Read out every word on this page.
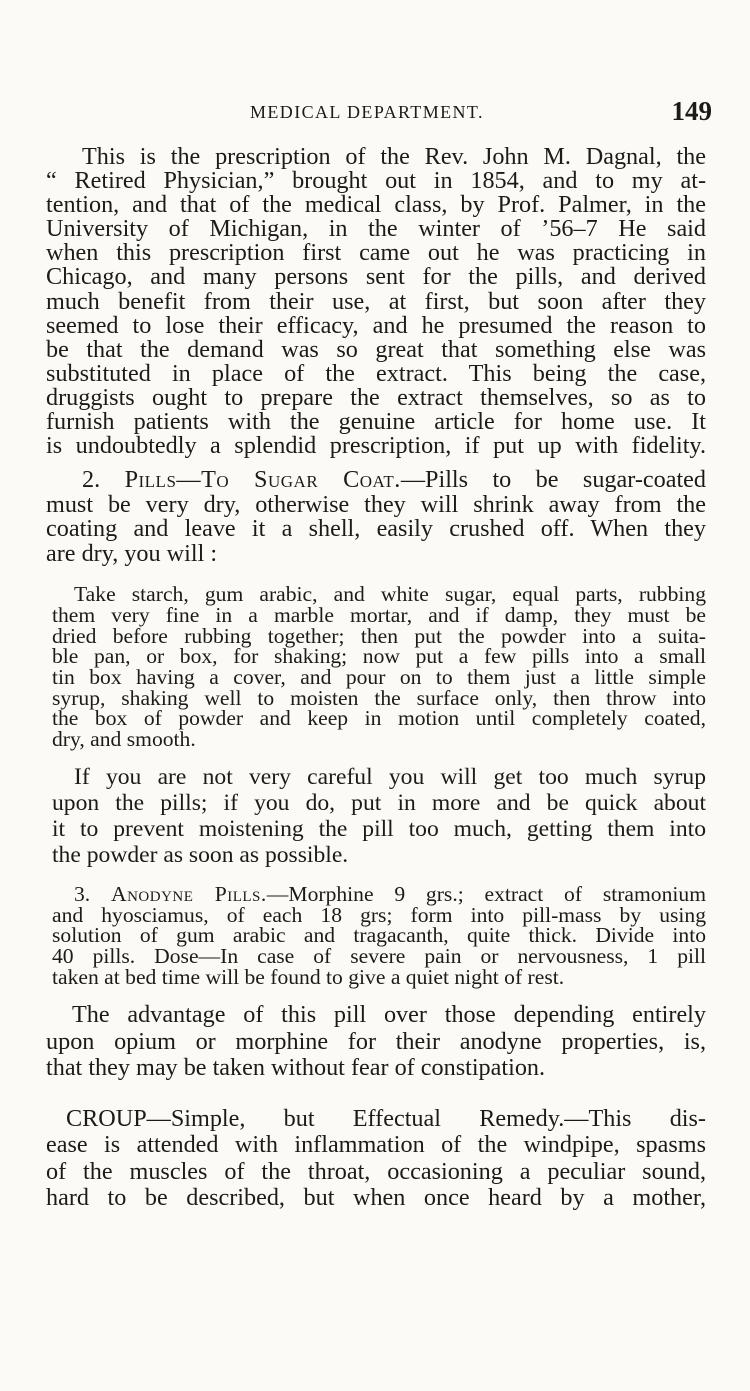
MEDICAL DEPARTMENT.	149

This is the prescription of the Rev. John M. Dagnal, the
“ Retired Physician,” brought out in 1854, and to my at-
tention, and that of the medical class, by Prof. Palmer, in the
University of Michigan, in the winter of ’56–7 He said
when this prescription first came out he was practicing in
Chicago, and many persons sent for the pills, and derived
much benefit from their use, at first, but soon after they
seemed to lose their efficacy, and he presumed the reason to
be that the demand was so great that something else was
substituted in place of the extract. This being the case,
druggists ought to prepare the extract themselves, so as to
furnish patients with the genuine article for home use. It
is undoubtedly a splendid prescription, if put up with fidelity.

2. Pills—To Sugar Coat.—Pills to be sugar-coated
must be very dry, otherwise they will shrink away from the
coating and leave it a shell, easily crushed off. When they
are dry, you will :

Take starch, gum arabic, and white sugar, equal parts, rubbing
them very fine in a marble mortar, and if damp, they must be
dried before rubbing together; then put the powder into a suita-
ble pan, or box, for shaking; now put a few pills into a small
tin box having a cover, and pour on to them just a little simple
syrup, shaking well to moisten the surface only, then throw into
the box of powder and keep in motion until completely coated,
dry, and smooth.

If you are not very careful you will get too much syrup
upon the pills; if you do, put in more and be quick about
it to prevent moistening the pill too much, getting them into
the powder as soon as possible.

3. Anodyne Pills.—Morphine 9 grs.; extract of stramonium
and hyosciamus, of each 18 grs; form into pill-mass by using
solution of gum arabic and tragacanth, quite thick. Divide into
40 pills. Dose—In case of severe pain or nervousness, 1 pill
taken at bed time will be found to give a quiet night of rest.

The advantage of this pill over those depending entirely
upon opium or morphine for their anodyne properties, is,
that they may be taken without fear of constipation.

CROUP—Simple, but Effectual Remedy.—This dis-
ease is attended with inflammation of the windpipe, spasms
of the muscles of the throat, occasioning a peculiar sound,
hard to be described, but when once heard by a mother,
